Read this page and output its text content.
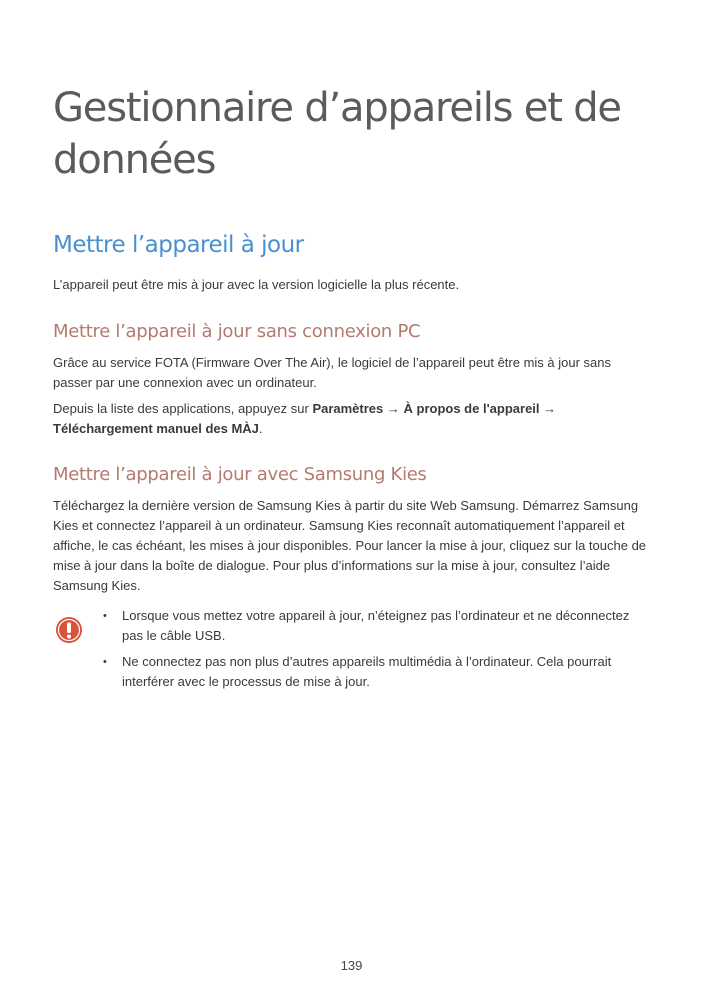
Gestionnaire d’appareils et de données
Mettre l’appareil à jour

L’appareil peut être mis à jour avec la version logicielle la plus récente.

Mettre l’appareil à jour sans connexion PC

Grâce au service FOTA (Firmware Over The Air), le logiciel de l’appareil peut être mis à jour sans passer par une connexion avec un ordinateur.

Depuis la liste des applications, appuyez sur Paramètres → À propos de l'appareil →
Téléchargement manuel des MÀJ.

Mettre l’appareil à jour avec Samsung Kies

Téléchargez la dernière version de Samsung Kies à partir du site Web Samsung. Démarrez Samsung Kies et connectez l’appareil à un ordinateur. Samsung Kies reconnaît automatiquement l’appareil et affiche, le cas échéant, les mises à jour disponibles. Pour lancer la mise à jour, cliquez sur la touche de mise à jour dans la boîte de dialogue. Pour plus d’informations sur la mise à jour, consultez l’aide Samsung Kies.

• Lorsque vous mettez votre appareil à jour, n’éteignez pas l’ordinateur et ne déconnectez pas le câble USB.
• Ne connectez pas non plus d’autres appareils multimédia à l’ordinateur. Cela pourrait interférer avec le processus de mise à jour.
139
